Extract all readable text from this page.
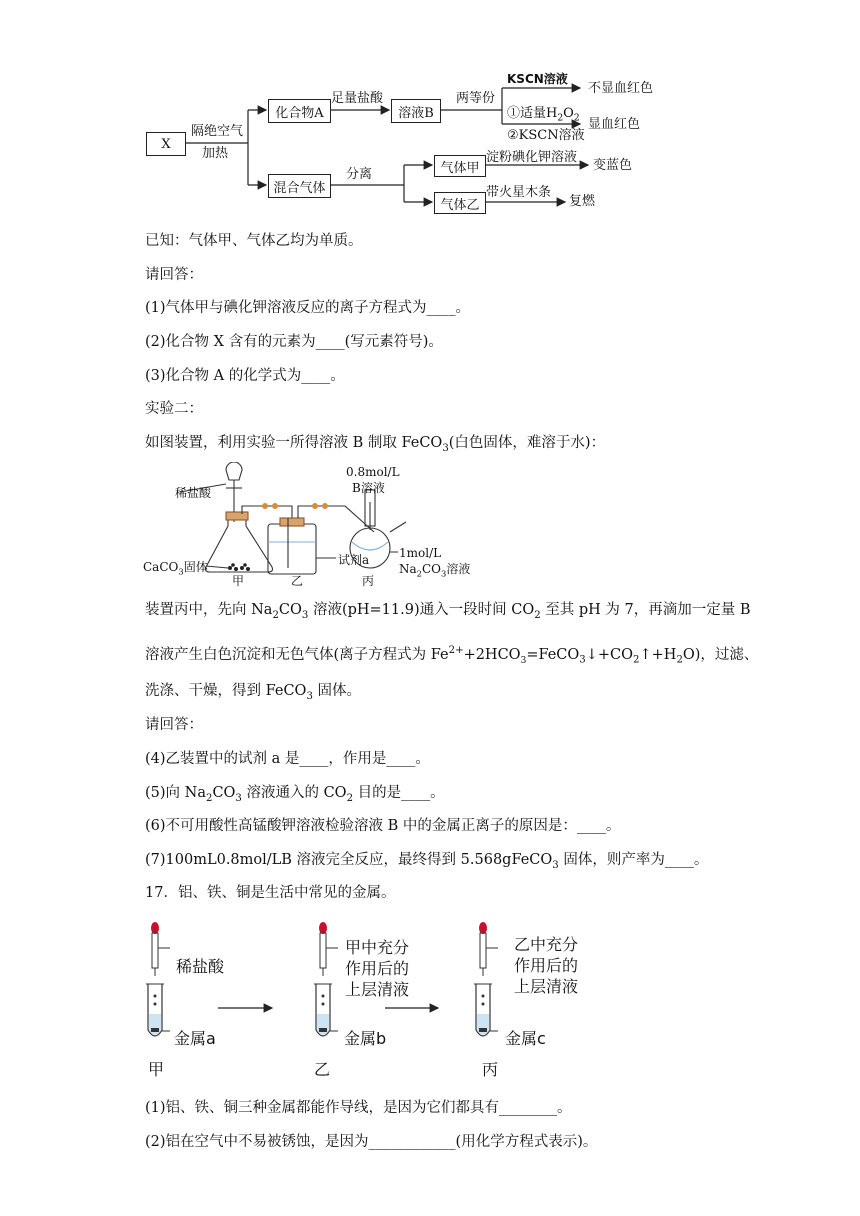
X
隔绝空气
加热
化合物A
足量盐酸
溶液B
两等份
KSCN溶液
不显血红色
①适量$H_2O_2$
②KSCN溶液
显血红色
混合气体
分离	气体甲
气体乙
淀粉碘化钾溶液
变蓝色
带火星木条
复燃
已知：气体甲、气体乙均为单质。
请回答：
(1)气体甲与碘化钾溶液反应的离子方程式为____。
(2)化合物 X 含有的元素为____(写元素符号)。
(3)化合物 A 的化学式为____。
实验二：
如图装置，利用实验一所得溶液 B 制取 FeCO$_3$(白色固体，难溶于水)：
稀盐酸
CaCO$_3$固体
甲	乙
试剂a
丙
0.8mol/L
B溶液
1mol/L
$Na_2CO_3$溶液
装置丙中，先向 $Na_2CO_3$ 溶液(pH=11.9)通入一段时间 $CO_2$ 至其 pH 为 7，再滴加一定量 B
溶液产生白色沉淀和无色气体(离子方程式为 $Fe^{2+}+2HCO3=FeCO_3↓+CO_2↑+H_2O$)，过滤、
洗涤、干燥，得到 FeCO$_3$ 固体。
请回答：
(4)乙装置中的试剂 a 是____，作用是____。
(5)向 $Na_2CO_3$ 溶液通入的 $CO_2$ 目的是____。
(6)不可用酸性高锰酸钾溶液检验溶液 B 中的金属正离子的原因是：____。
(7)100mL0.8mol/LB 溶液完全反应，最终得到 5.568gFeCO$_3$ 固体，则产率为____。
17．铝、铁、铜是生活中常见的金属。
稀盐酸
金属a
甲
甲中充分
作用后的
上层清液
金属b
乙
乙中充分
作用后的
上层清液
金属c
丙
(1)铝、铁、铜三种金属都能作导线，是因为它们都具有________。
(2)铝在空气中不易被锈蚀，是因为____________(用化学方程式表示)。
